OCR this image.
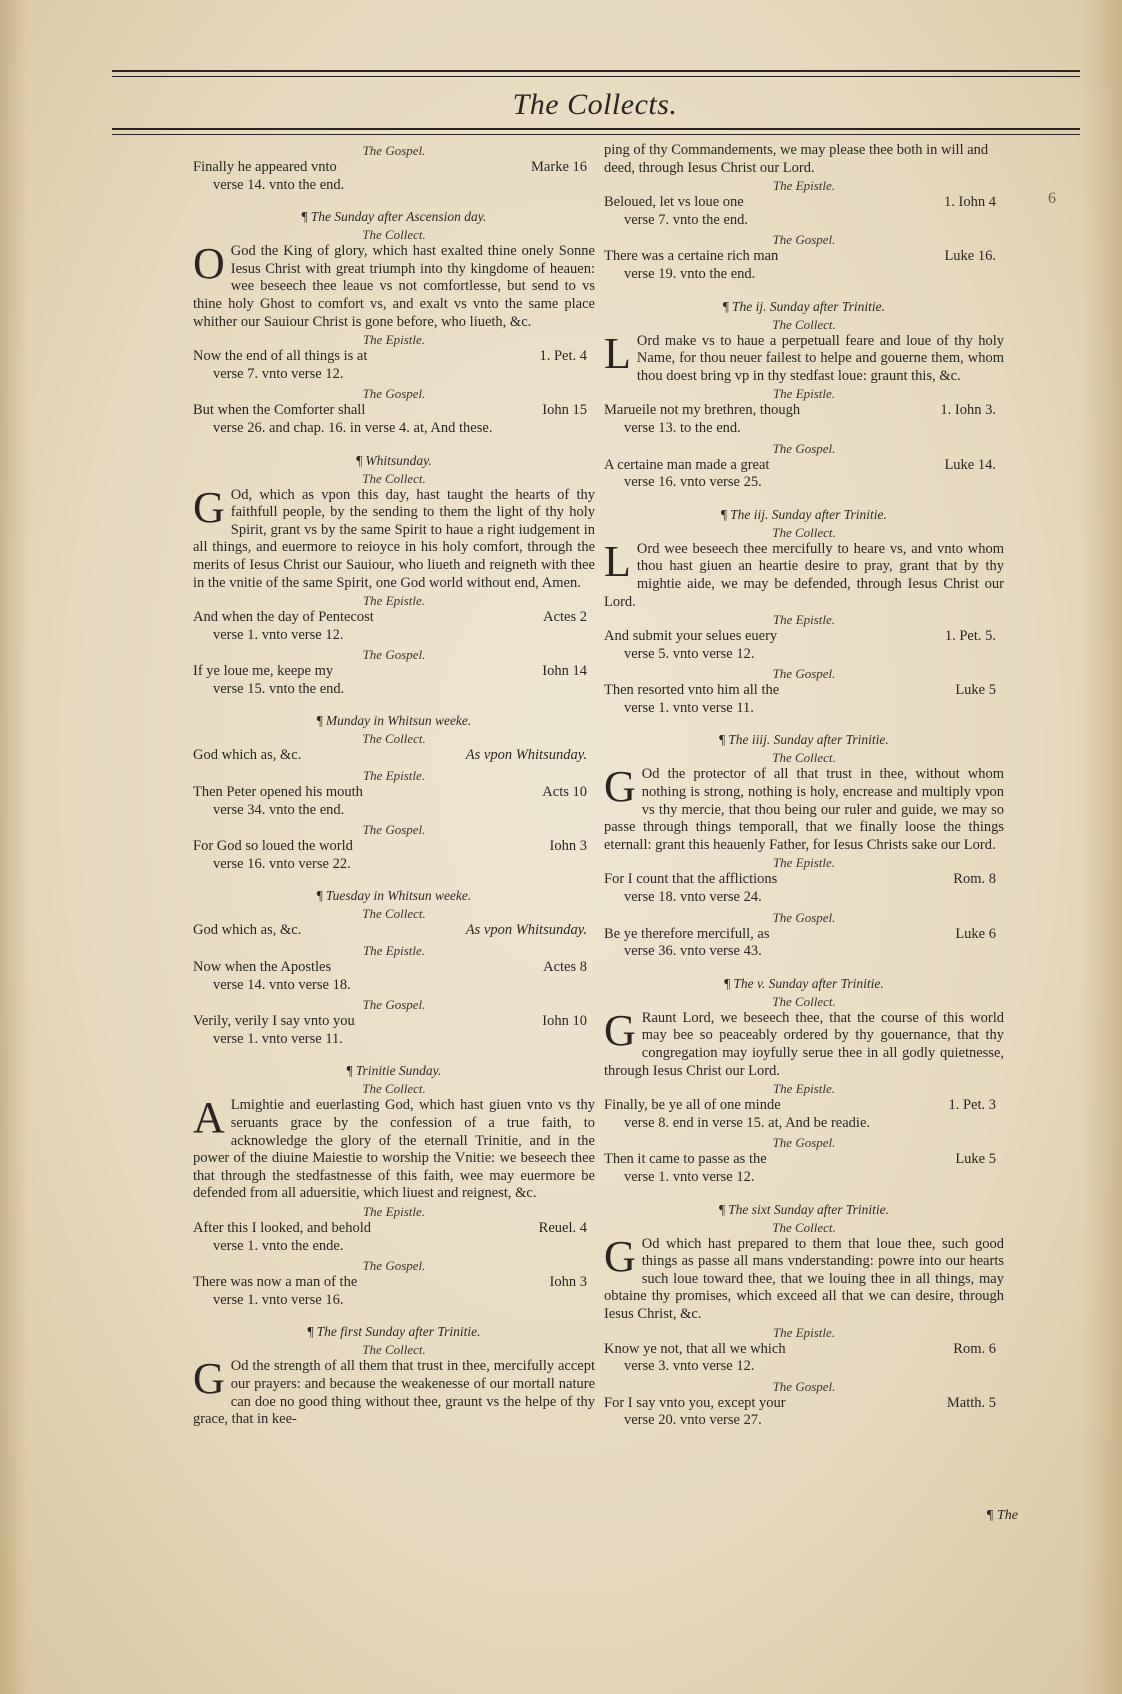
The Collects.
6
The Gospel.
Finally he appeared vnto
verse 14. vnto the end.
Marke 16
¶ The Sunday after Ascension day.
The Collect.

O God the King of glory, which hast exalted thine onely Sonne Iesus Christ with great triumph into thy kingdome of heauen: wee beseech thee leaue vs not comfortlesse, but send to vs thine holy Ghost to comfort vs, and exalt vs vnto the same place whither our Sauiour Christ is gone before, who liueth, &c.

The Epistle.
Now the end of all things is at
verse 7. vnto verse 12.
1. Pet. 4
The Gospel.
But when the Comforter shall
verse 26. and chap. 16. in verse 4. at, And these.
Iohn 15
¶ Whitsunday.
The Collect.

G Od, which as vpon this day, hast taught the hearts of thy faithfull people, by the sending to them the light of thy holy Spirit, grant vs by the same Spirit to haue a right iudgement in all things, and euermore to reioyce in his holy comfort, through the merits of Iesus Christ our Sauiour, who liueth and reigneth with thee in the vnitie of the same Spirit, one God world without end, Amen.

The Epistle.
And when the day of Pentecost
verse 1. vnto verse 12.
Actes 2
The Gospel.
If ye loue me, keepe my
verse 15. vnto the end.
Iohn 14
¶ Munday in Whitsun weeke.
The Collect.
God which as, &c.	As vpon Whitsunday.
The Epistle.
Then Peter opened his mouth
verse 34. vnto the end.
Acts 10
The Gospel.
For God so loued the world
verse 16. vnto verse 22.
Iohn 3
¶ Tuesday in Whitsun weeke.
The Collect.
God which as, &c.	As vpon Whitsunday.
The Epistle.
Now when the Apostles
verse 14. vnto verse 18.
Actes 8
The Gospel.
Verily, verily I say vnto you
verse 1. vnto verse 11.
Iohn 10
¶ Trinitie Sunday.
The Collect.

A Lmightie and euerlasting God, which hast giuen vnto vs thy seruants grace by the confession of a true faith, to acknowledge the glory of the eternall Trinitie, and in the power of the diuine Maiestie to worship the Vnitie: we beseech thee that through the stedfastnesse of this faith, wee may euermore be defended from all aduersitie, which liuest and reignest, &c.

The Epistle.
After this I looked, and behold
verse 1. vnto the ende.
Reuel. 4
The Gospel.
There was now a man of the
verse 1. vnto verse 16.
Iohn 3
¶ The first Sunday after Trinitie.
The Collect.

G Od the strength of all them that trust in thee, mercifully accept our prayers: and because the weakenesse of our mortall nature can doe no good thing without thee, graunt vs the helpe of thy grace, that in kee-

ping of thy Commandements, we may please thee both in will and deed, through Iesus Christ our Lord.

The Epistle.
Beloued, let vs loue one
verse 7. vnto the end.
1. Iohn 4
The Gospel.
There was a certaine rich man
verse 19. vnto the end.
Luke 16.
¶ The ij. Sunday after Trinitie.
The Collect.

L Ord make vs to haue a perpetuall feare and loue of thy holy Name, for thou neuer failest to helpe and gouerne them, whom thou doest bring vp in thy stedfast loue: graunt this, &c.

The Epistle.
Marueile not my brethren, though
verse 13. to the end.
1. Iohn 3.
The Gospel.
A certaine man made a great
verse 16. vnto verse 25.
Luke 14.
¶ The iij. Sunday after Trinitie.
The Collect.

L Ord wee beseech thee mercifully to heare vs, and vnto whom thou hast giuen an heartie desire to pray, grant that by thy mightie aide, we may be defended, through Iesus Christ our Lord.

The Epistle.
And submit your selues euery
verse 5. vnto verse 12.
1. Pet. 5.
The Gospel.
Then resorted vnto him all the
verse 1. vnto verse 11.
Luke 5
¶ The iiij. Sunday after Trinitie.
The Collect.

G Od the protector of all that trust in thee, without whom nothing is strong, nothing is holy, encrease and multiply vpon vs thy mercie, that thou being our ruler and guide, we may so passe through things temporall, that we finally loose the things eternall: grant this heauenly Father, for Iesus Christs sake our Lord.

The Epistle.
For I count that the afflictions
verse 18. vnto verse 24.
Rom. 8
The Gospel.
Be ye therefore mercifull, as
verse 36. vnto verse 43.
Luke 6
¶ The v. Sunday after Trinitie.
The Collect.

G Raunt Lord, we beseech thee, that the course of this world may bee so peaceably ordered by thy gouernance, that thy congregation may ioyfully serue thee in all godly quietnesse, through Iesus Christ our Lord.

The Epistle.
Finally, be ye all of one minde
verse 8. end in verse 15. at, And be readie.
1. Pet. 3
The Gospel.
Then it came to passe as the
verse 1. vnto verse 12.
Luke 5
¶ The sixt Sunday after Trinitie.
The Collect.

G Od which hast prepared to them that loue thee, such good things as passe all mans vnderstanding: powre into our hearts such loue toward thee, that we louing thee in all things, may obtaine thy promises, which exceed all that we can desire, through Iesus Christ, &c.

The Epistle.
Know ye not, that all we which
verse 3. vnto verse 12.
Rom. 6
The Gospel.
For I say vnto you, except your
verse 20. vnto verse 27.
Matth. 5
¶ The
